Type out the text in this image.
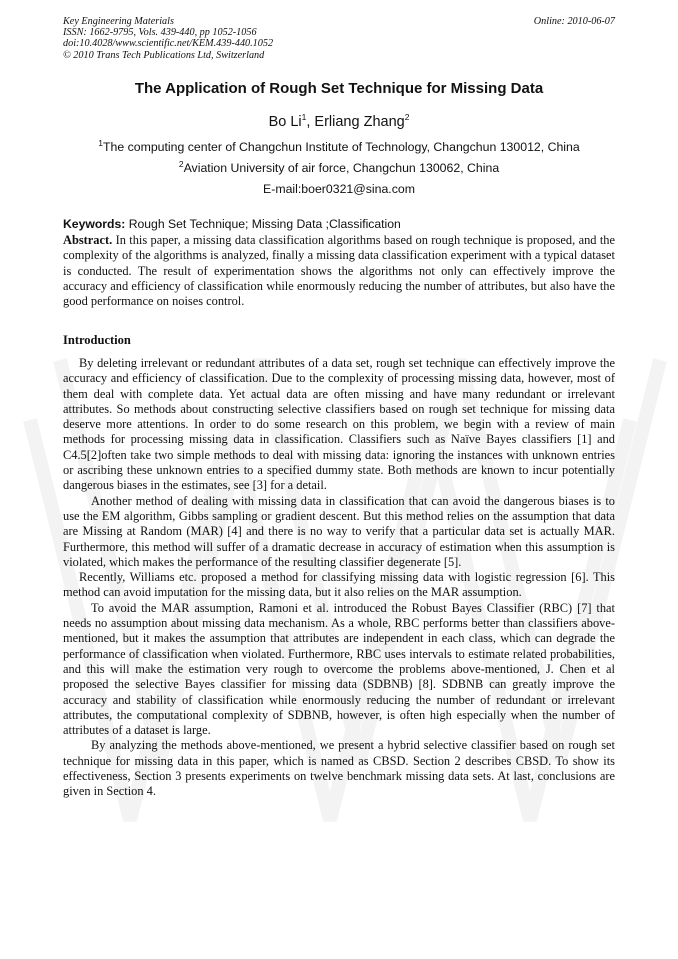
Key Engineering Materials
ISSN: 1662-9795, Vols. 439-440, pp 1052-1056
doi:10.4028/www.scientific.net/KEM.439-440.1052
© 2010 Trans Tech Publications Ltd, Switzerland
Online: 2010-06-07
The Application of Rough Set Technique for Missing Data
Bo Li$^1$, Erliang Zhang$^2$
$^1$The computing center of Changchun Institute of Technology, Changchun 130012, China
$^2$Aviation University of air force, Changchun 130062, China
E-mail:boer0321@sina.com
Keywords: Rough Set Technique; Missing Data ;Classification
Abstract. In this paper, a missing data classification algorithms based on rough technique is proposed, and the complexity of the algorithms is analyzed, finally a missing data classification experiment with a typical dataset is conducted. The result of experimentation shows the algorithms not only can effectively improve the accuracy and efficiency of classification while enormously reducing the number of attributes, but also have the good performance on noises control.
Introduction

By deleting irrelevant or redundant attributes of a data set, rough set technique can effectively improve the accuracy and efficiency of classification. Due to the complexity of processing missing data, however, most of them deal with complete data. Yet actual data are often missing and have many redundant or irrelevant attributes. So methods about constructing selective classifiers based on rough set technique for missing data deserve more attentions. In order to do some research on this problem, we begin with a review of main methods for processing missing data in classification. Classifiers such as Naïve Bayes classifiers [1] and C4.5[2]often take two simple methods to deal with missing data: ignoring the instances with unknown entries or ascribing these unknown entries to a specified dummy state. Both methods are known to incur potentially dangerous biases in the estimates, see [3] for a detail.

Another method of dealing with missing data in classification that can avoid the dangerous biases is to use the EM algorithm, Gibbs sampling or gradient descent. But this method relies on the assumption that data are Missing at Random (MAR) [4] and there is no way to verify that a particular data set is actually MAR. Furthermore, this method will suffer of a dramatic decrease in accuracy of estimation when this assumption is violated, which makes the performance of the resulting classifier degenerate [5].

Recently, Williams etc. proposed a method for classifying missing data with logistic regression [6]. This method can avoid imputation for the missing data, but it also relies on the MAR assumption.

To avoid the MAR assumption, Ramoni et al. introduced the Robust Bayes Classifier (RBC) [7] that needs no assumption about missing data mechanism. As a whole, RBC performs better than classifiers above-mentioned, but it makes the assumption that attributes are independent in each class, which can degrade the performance of classification when violated. Furthermore, RBC uses intervals to estimate related probabilities, and this will make the estimation very rough to overcome the problems above-mentioned, J. Chen et al proposed the selective Bayes classifier for missing data (SDBNB) [8]. SDBNB can greatly improve the accuracy and stability of classification while enormously reducing the number of redundant or irrelevant attributes, the computational complexity of SDBNB, however, is often high especially when the number of attributes of a dataset is large.

By analyzing the methods above-mentioned, we present a hybrid selective classifier based on rough set technique for missing data in this paper, which is named as CBSD. Section 2 describes CBSD. To show its effectiveness, Section 3 presents experiments on twelve benchmark missing data sets. At last, conclusions are given in Section 4.
